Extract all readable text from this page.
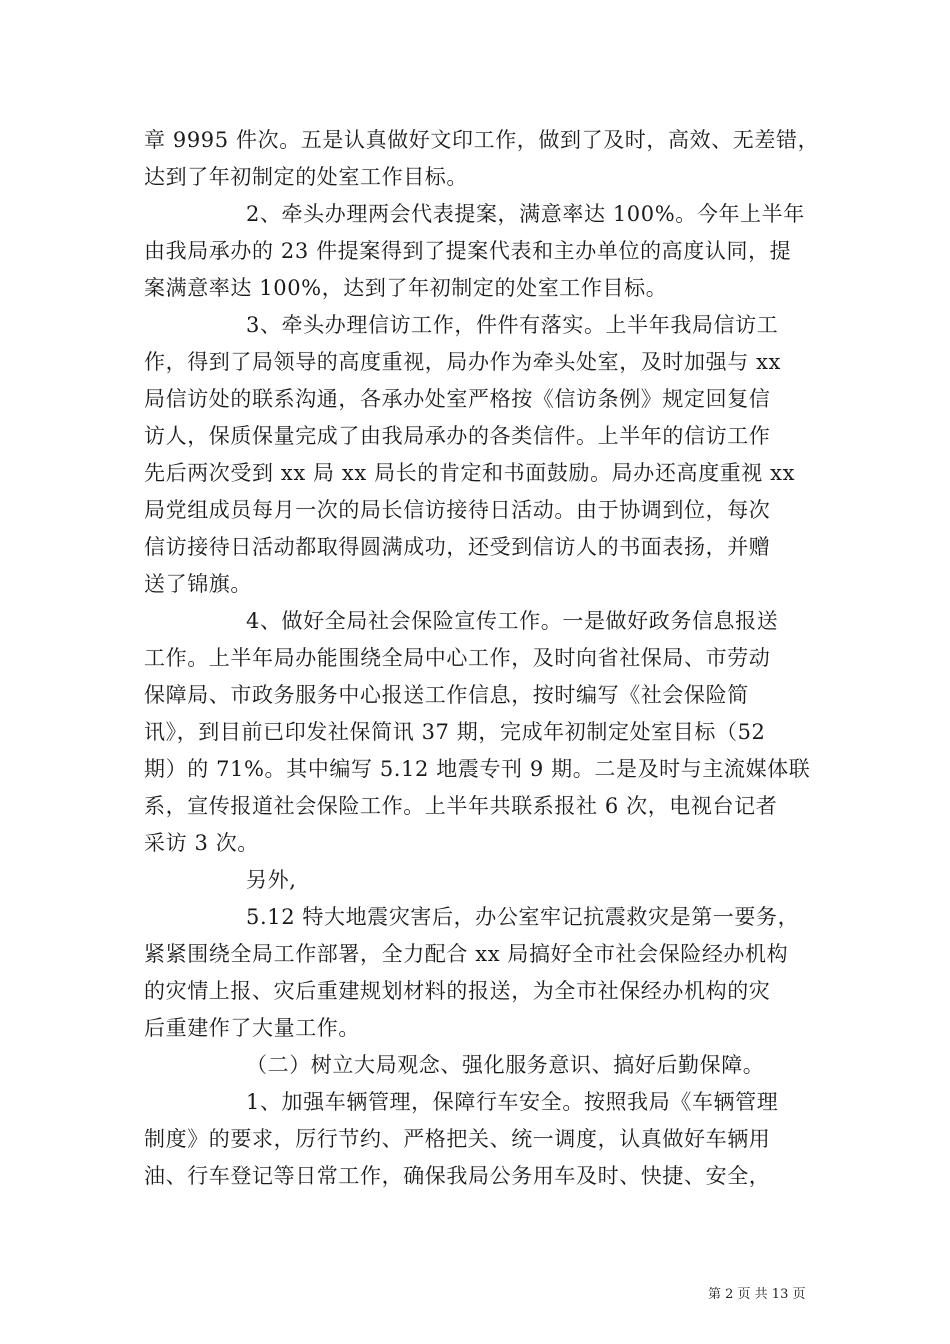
章 9995 件次。五是认真做好文印工作，做到了及时，高效、无差错，
达到了年初制定的处室工作目标。
2、牵头办理两会代表提案，满意率达 100%。今年上半年
由我局承办的 23 件提案得到了提案代表和主办单位的高度认同，提
案满意率达 100%，达到了年初制定的处室工作目标。
3、牵头办理信访工作，件件有落实。上半年我局信访工
作，得到了局领导的高度重视，局办作为牵头处室，及时加强与 xx
局信访处的联系沟通，各承办处室严格按《信访条例》规定回复信
访人，保质保量完成了由我局承办的各类信件。上半年的信访工作
先后两次受到 xx 局 xx 局长的肯定和书面鼓励。局办还高度重视 xx
局党组成员每月一次的局长信访接待日活动。由于协调到位，每次
信访接待日活动都取得圆满成功，还受到信访人的书面表扬，并赠
送了锦旗。
4、做好全局社会保险宣传工作。一是做好政务信息报送
工作。上半年局办能围绕全局中心工作，及时向省社保局、市劳动
保障局、市政务服务中心报送工作信息，按时编写《社会保险简
讯》，到目前已印发社保简讯 37 期，完成年初制定处室目标（52
期）的 71%。其中编写 5.12 地震专刊 9 期。二是及时与主流媒体联
系，宣传报道社会保险工作。上半年共联系报社 6 次，电视台记者
采访 3 次。
另外,
5.12 特大地震灾害后，办公室牢记抗震救灾是第一要务，
紧紧围绕全局工作部署，全力配合 xx 局搞好全市社会保险经办机构
的灾情上报、灾后重建规划材料的报送，为全市社保经办机构的灾
后重建作了大量工作。
（二）树立大局观念、强化服务意识、搞好后勤保障。
1、加强车辆管理，保障行车安全。按照我局《车辆管理
制度》的要求，厉行节约、严格把关、统一调度，认真做好车辆用
油、行车登记等日常工作，确保我局公务用车及时、快捷、安全，
第 2 页 共 13 页
